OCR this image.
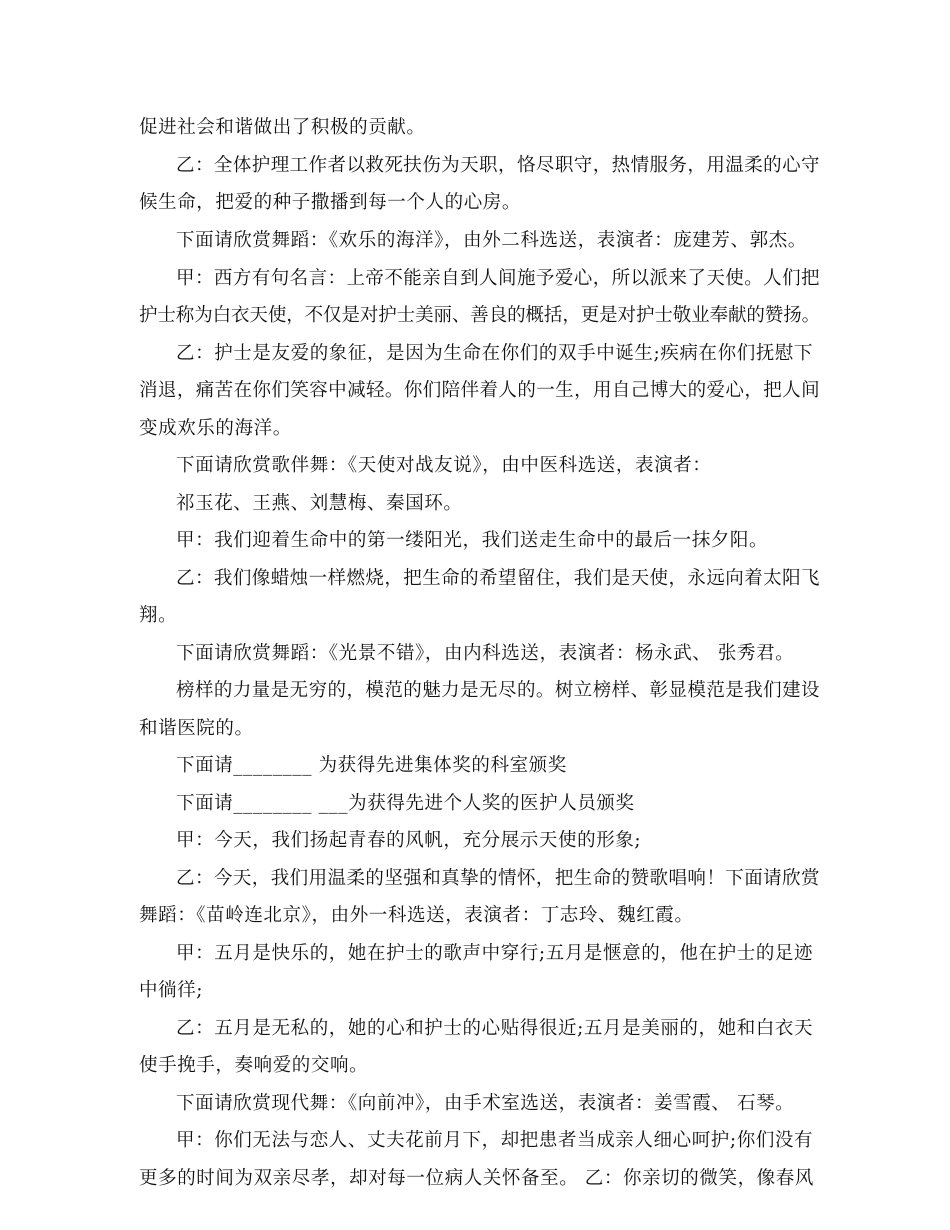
促进社会和谐做出了积极的贡献。
乙：全体护理工作者以救死扶伤为天职，恪尽职守，热情服务，用温柔的心守
候生命，把爱的种子撒播到每一个人的心房。
下面请欣赏舞蹈：《欢乐的海洋》，由外二科选送，表演者：庞建芳、郭杰。
甲：西方有句名言：上帝不能亲自到人间施予爱心，所以派来了天使。人们把
护士称为白衣天使，不仅是对护士美丽、善良的概括，更是对护士敬业奉献的赞扬。
乙：护士是友爱的象征，是因为生命在你们的双手中诞生;疾病在你们抚慰下
消退，痛苦在你们笑容中减轻。你们陪伴着人的一生，用自己博大的爱心，把人间
变成欢乐的海洋。
下面请欣赏歌伴舞：《天使对战友说》，由中医科选送，表演者：
祁玉花、王燕、刘慧梅、秦国环。
甲：我们迎着生命中的第一缕阳光，我们送走生命中的最后一抹夕阳。
乙：我们像蜡烛一样燃烧，把生命的希望留住，我们是天使，永远向着太阳飞
翔。
下面请欣赏舞蹈：《光景不错》，由内科选送，表演者：杨永武、 张秀君。
榜样的力量是无穷的，模范的魅力是无尽的。树立榜样、彰显模范是我们建设
和谐医院的。
下面请________ 为获得先进集体奖的科室颁奖
下面请________ ___为获得先进个人奖的医护人员颁奖
甲：今天，我们扬起青春的风帆，充分展示天使的形象;
乙：今天，我们用温柔的坚强和真挚的情怀，把生命的赞歌唱响！下面请欣赏
舞蹈：《苗岭连北京》，由外一科选送，表演者：丁志玲、魏红霞。
甲：五月是快乐的，她在护士的歌声中穿行;五月是惬意的，他在护士的足迹
中徜徉;
乙：五月是无私的，她的心和护士的心贴得很近;五月是美丽的，她和白衣天
使手挽手，奏响爱的交响。
下面请欣赏现代舞：《向前冲》，由手术室选送，表演者：姜雪霞、 石琴。
甲：你们无法与恋人、丈夫花前月下，却把患者当成亲人细心呵护;你们没有
更多的时间为双亲尽孝，却对每一位病人关怀备至。 乙：你亲切的微笑，像春风
